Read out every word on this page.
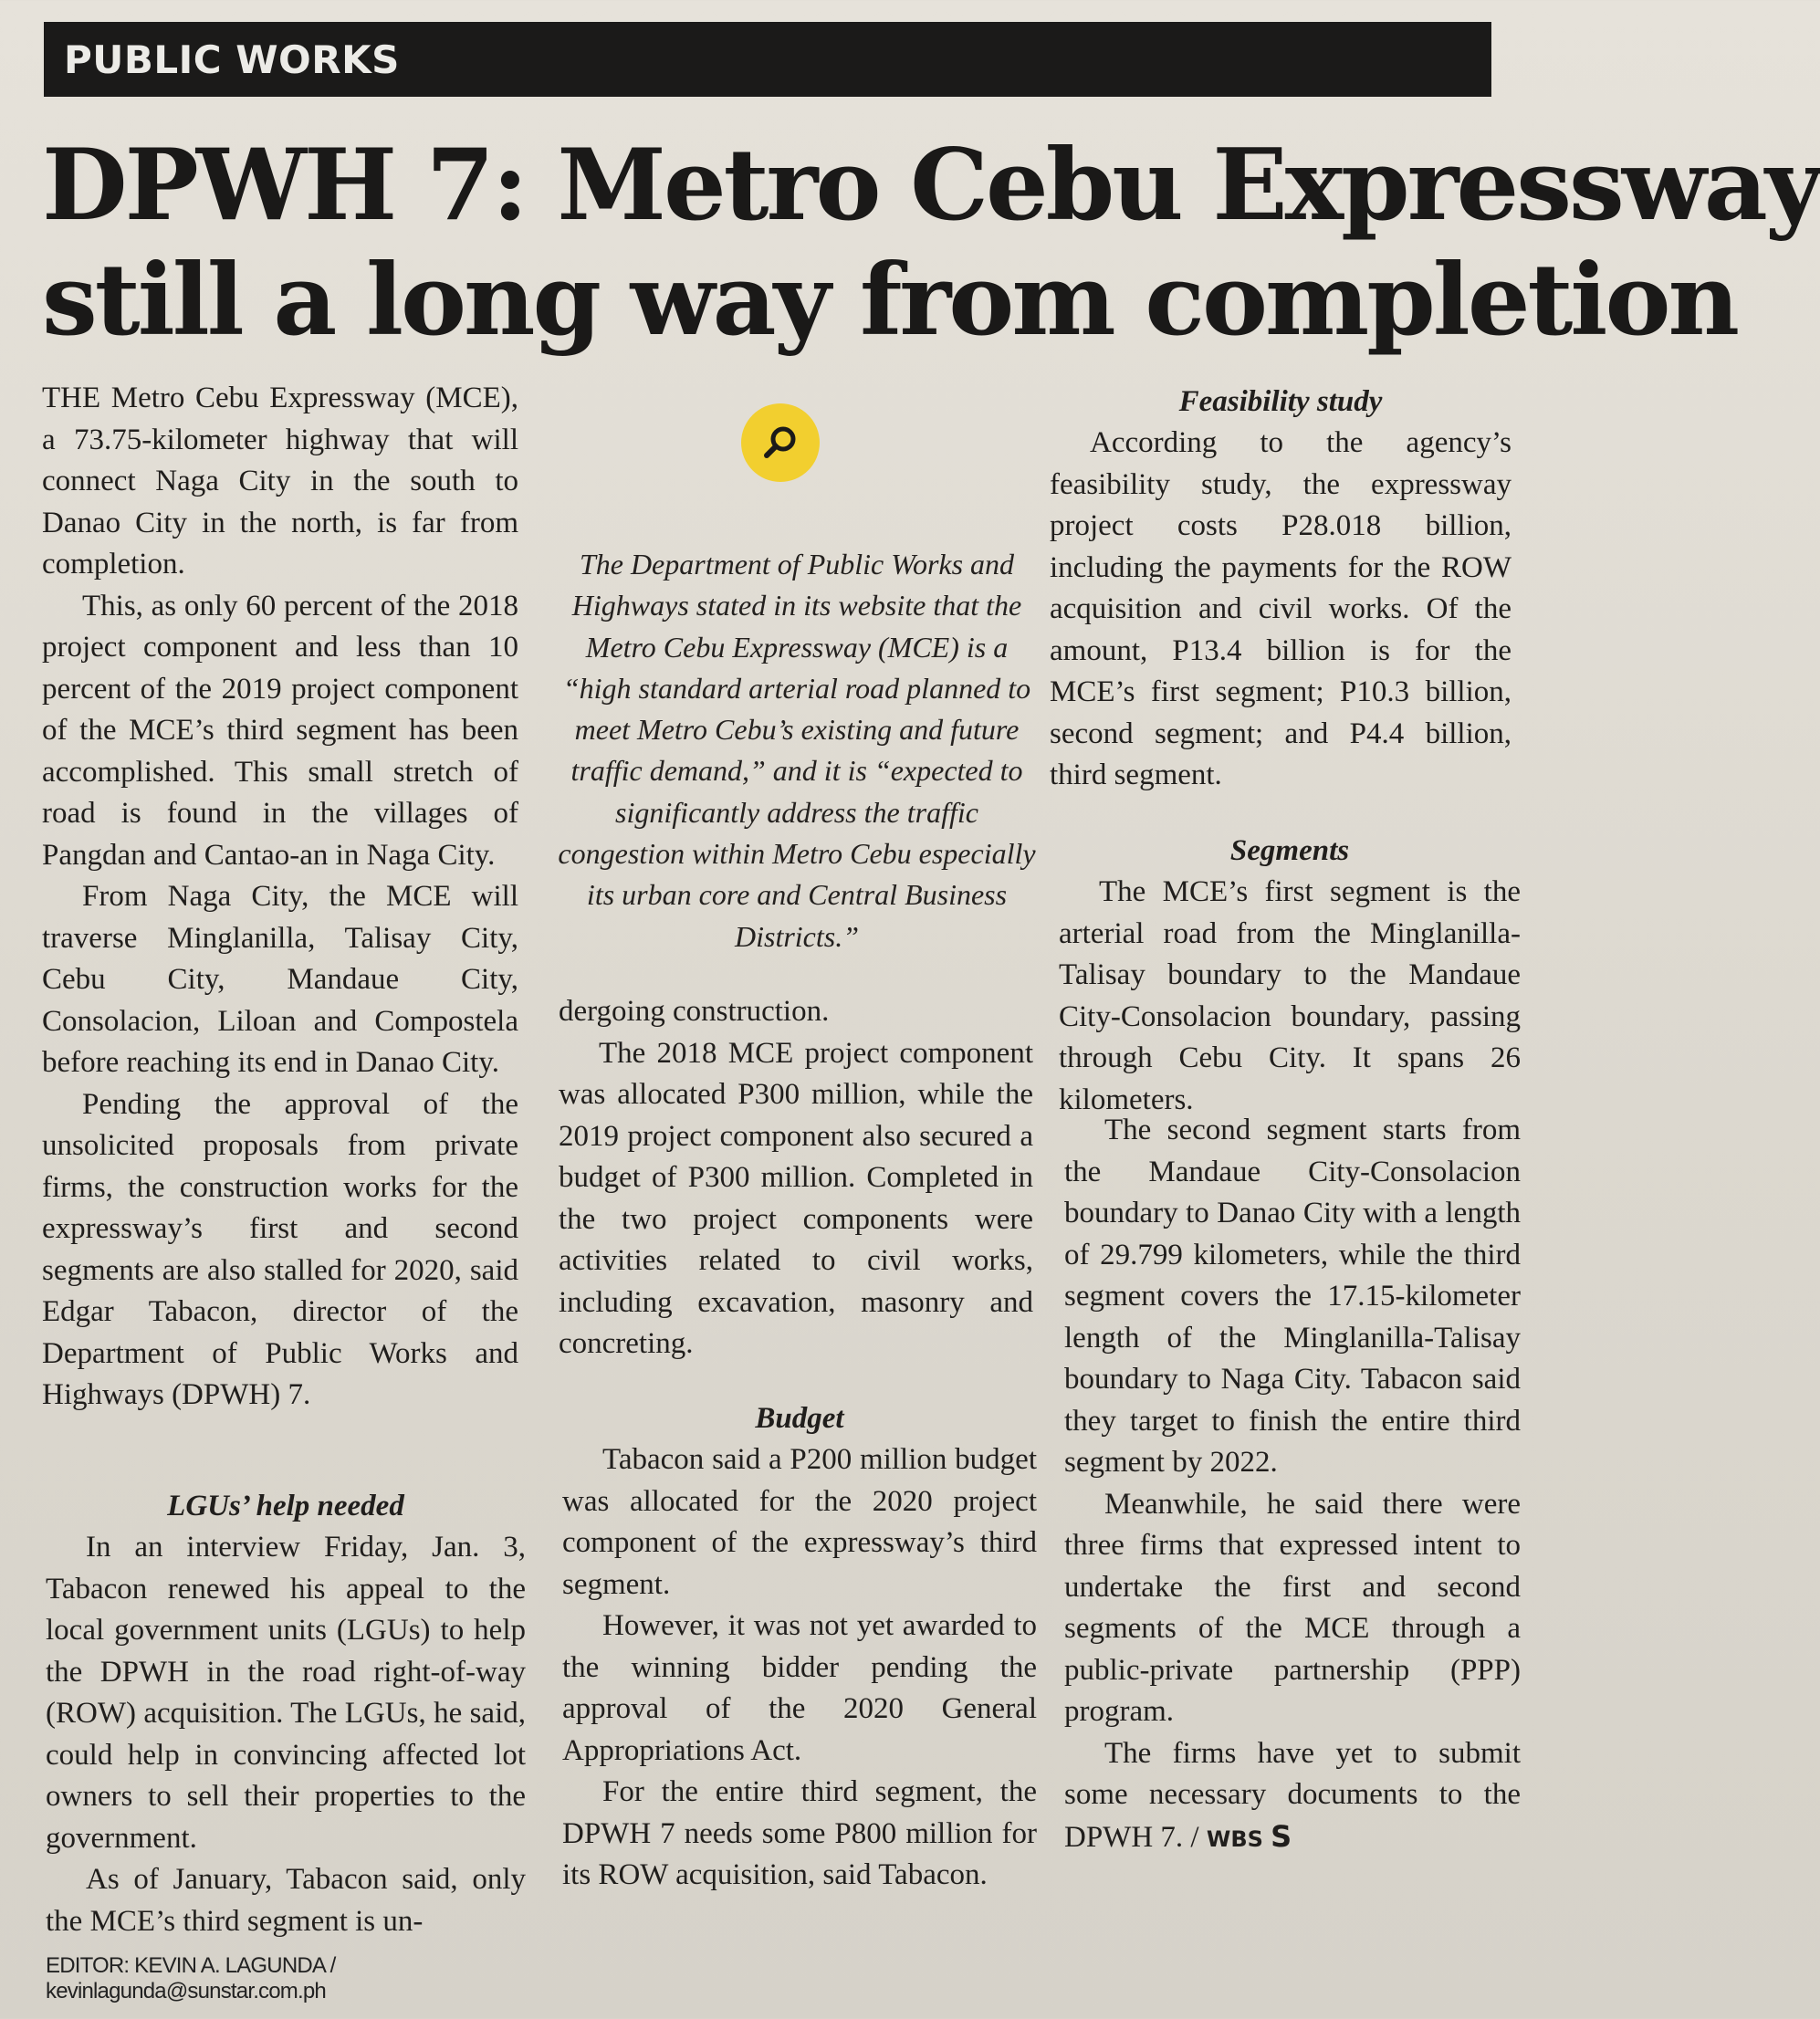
PUBLIC WORKS
DPWH 7: Metro Cebu Expressway
still a long way from completion

THE Metro Cebu Expressway (MCE), a 73.75-kilometer highway that will connect Naga City in the south to Danao City in the north, is far from completion.

This, as only 60 percent of the 2018 project component and less than 10 percent of the 2019 project component of the MCE’s third segment has been accomplished. This small stretch of road is found in the villages of Pangdan and Cantao-an in Naga City.

From Naga City, the MCE will traverse Minglanilla, Talisay City, Cebu City, Mandaue City, Consolacion, Liloan and Compostela before reaching its end in Danao City.

Pending the approval of the unsolicited proposals from private firms, the construction works for the expressway’s first and second segments are also stalled for 2020, said Edgar Tabacon, director of the Department of Public Works and Highways (DPWH) 7.

LGUs’ help needed

In an interview Friday, Jan. 3, Tabacon renewed his appeal to the local government units (LGUs) to help the DPWH in the road right-of-way (ROW) acquisition. The LGUs, he said, could help in convincing affected lot owners to sell their properties to the government.

As of January, Tabacon said, only the MCE’s third segment is un-

The Department of Public Works and Highways stated in its website that the Metro Cebu Expressway (MCE) is a “high standard arterial road planned to meet Metro Cebu’s existing and future traffic demand,” and it is “expected to significantly address the traffic congestion within Metro Cebu especially its urban core and Central Business Districts.”

dergoing construction.

The 2018 MCE project component was allocated P300 million, while the 2019 project component also secured a budget of P300 million. Completed in the two project components were activities related to civil works, including excavation, masonry and concreting.

Budget

Tabacon said a P200 million budget was allocated for the 2020 project component of the expressway’s third segment.

However, it was not yet awarded to the winning bidder pending the approval of the 2020 General Appropriations Act.

For the entire third segment, the DPWH 7 needs some P800 million for its ROW acquisition, said Tabacon.

Feasibility study

According to the agency’s feasibility study, the expressway project costs P28.018 billion, including the payments for the ROW acquisition and civil works. Of the amount, P13.4 billion is for the MCE’s first segment; P10.3 billion, second segment; and P4.4 billion, third segment.

Segments

The MCE’s first segment is the arterial road from the Minglanilla-Talisay boundary to the Mandaue City-Consolacion boundary, passing through Cebu City. It spans 26 kilometers.

The second segment starts from the Mandaue City-Consolacion boundary to Danao City with a length of 29.799 kilometers, while the third segment covers the 17.15-kilometer length of the Minglanilla-Talisay boundary to Naga City. Tabacon said they target to finish the entire third segment by 2022.

Meanwhile, he said there were three firms that expressed intent to undertake the first and second segments of the MCE through a public-private partnership (PPP) program.

The firms have yet to submit some necessary documents to the DPWH 7. / WBS S

EDITOR: KEVIN A. LAGUNDA / kevinlagunda@sunstar.com.ph
